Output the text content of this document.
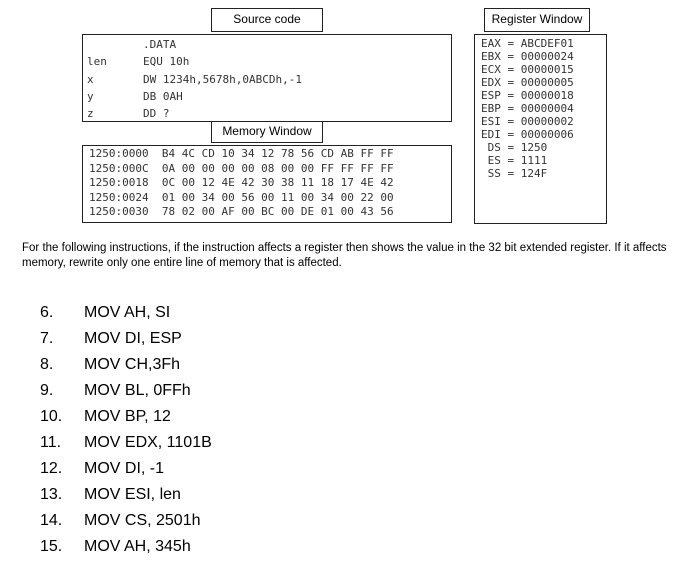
Source code
.DATA
len	EQU 10h
x	DW 1234h,5678h,0ABCDh,-1
y	DB 0AH
z	DD ?
Memory Window
1250:0000  B4 4C CD 10 34 12 78 56 CD AB FF FF
1250:000C  0A 00 00 00 00 08 00 00 FF FF FF FF
1250:0018  0C 00 12 4E 42 30 38 11 18 17 4E 42
1250:0024  01 00 34 00 56 00 11 00 34 00 22 00
1250:0030  78 02 00 AF 00 BC 00 DE 01 00 43 56
Register Window
EAX = ABCDEF01
EBX = 00000024
ECX = 00000015
EDX = 00000005
ESP = 00000018
EBP = 00000004
ESI = 00000002
EDI = 00000006
DS = 1250
ES = 1111
SS = 124F
For the following instructions, if the instruction affects a register then shows the value in the 32 bit extended register. If it affects memory, rewrite only one entire line of memory that is affected.
6. MOV AH, SI
7. MOV DI, ESP
8. MOV CH,3Fh
9. MOV BL, 0FFh
10. MOV BP, 12
11. MOV EDX, 1101B
12. MOV DI, -1
13. MOV ESI, len
14. MOV CS, 2501h
15. MOV AH, 345h
